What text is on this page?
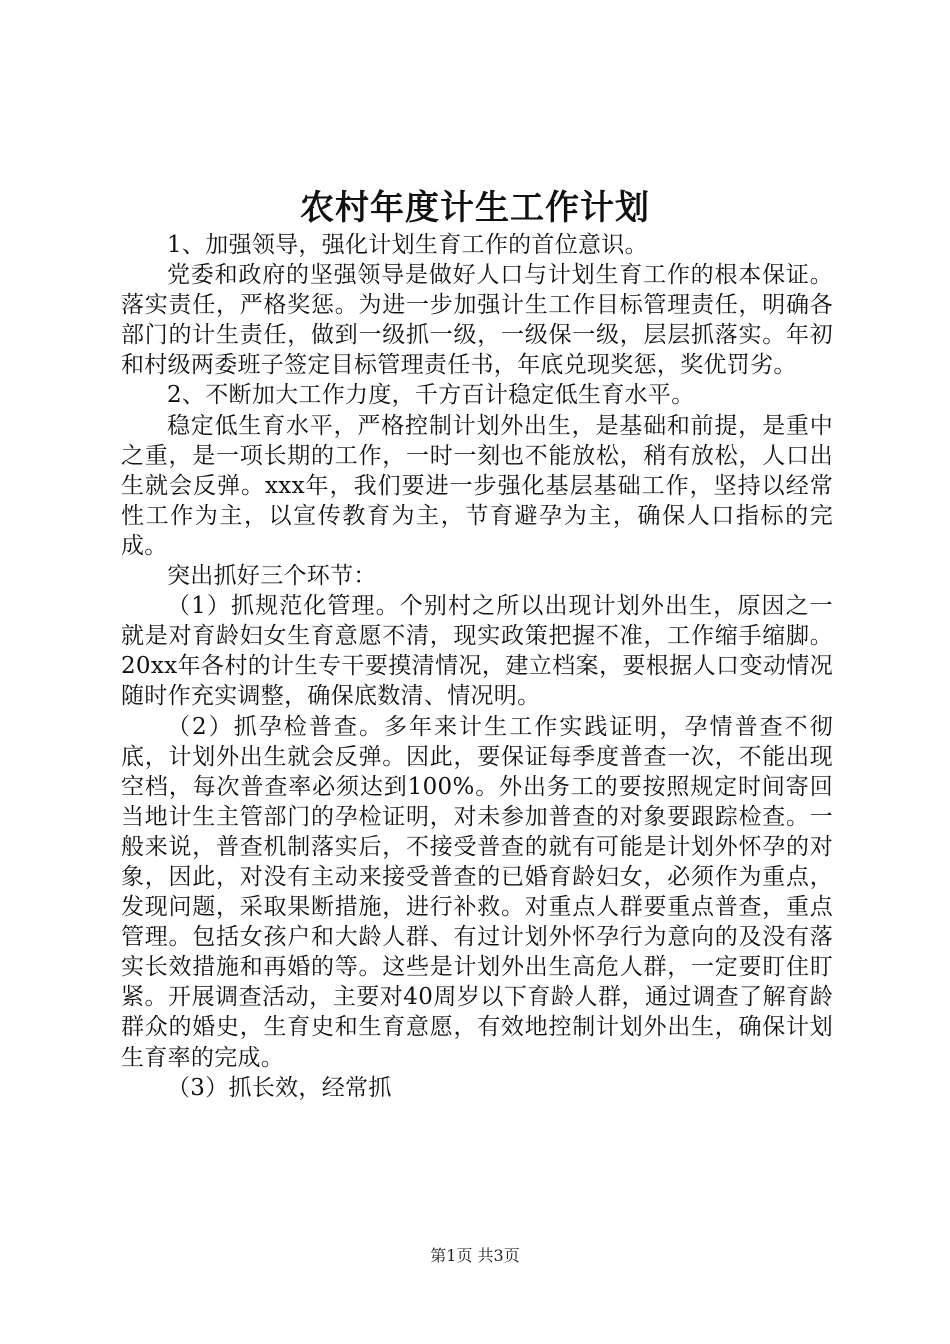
农村年度计生工作计划

1、加强领导，强化计划生育工作的首位意识。

党委和政府的坚强领导是做好人口与计划生育工作的根本保证。落实责任，严格奖惩。为进一步加强计生工作目标管理责任，明确各部门的计生责任，做到一级抓一级，一级保一级，层层抓落实。年初和村级两委班子签定目标管理责任书，年底兑现奖惩，奖优罚劣。

2、不断加大工作力度，千方百计稳定低生育水平。

稳定低生育水平，严格控制计划外出生，是基础和前提，是重中之重，是一项长期的工作，一时一刻也不能放松，稍有放松，人口出生就会反弹。xxx年，我们要进一步强化基层基础工作，坚持以经常性工作为主，以宣传教育为主，节育避孕为主，确保人口指标的完成。

突出抓好三个环节：

（1）抓规范化管理。个别村之所以出现计划外出生，原因之一就是对育龄妇女生育意愿不清，现实政策把握不准，工作缩手缩脚。20xx年各村的计生专干要摸清情况，建立档案，要根据人口变动情况随时作充实调整，确保底数清、情况明。

（2）抓孕检普查。多年来计生工作实践证明，孕情普查不彻底，计划外出生就会反弹。因此，要保证每季度普查一次，不能出现空档，每次普查率必须达到100%。外出务工的要按照规定时间寄回当地计生主管部门的孕检证明，对未参加普查的对象要跟踪检查。一般来说，普查机制落实后，不接受普查的就有可能是计划外怀孕的对象，因此，对没有主动来接受普查的已婚育龄妇女，必须作为重点，发现问题，采取果断措施，进行补救。对重点人群要重点普查，重点管理。包括女孩户和大龄人群、有过计划外怀孕行为意向的及没有落实长效措施和再婚的等。这些是计划外出生高危人群，一定要盯住盯紧。开展调查活动，主要对40周岁以下育龄人群，通过调查了解育龄群众的婚史，生育史和生育意愿，有效地控制计划外出生，确保计划生育率的完成。

（3）抓长效，经常抓

第1页 共3页
